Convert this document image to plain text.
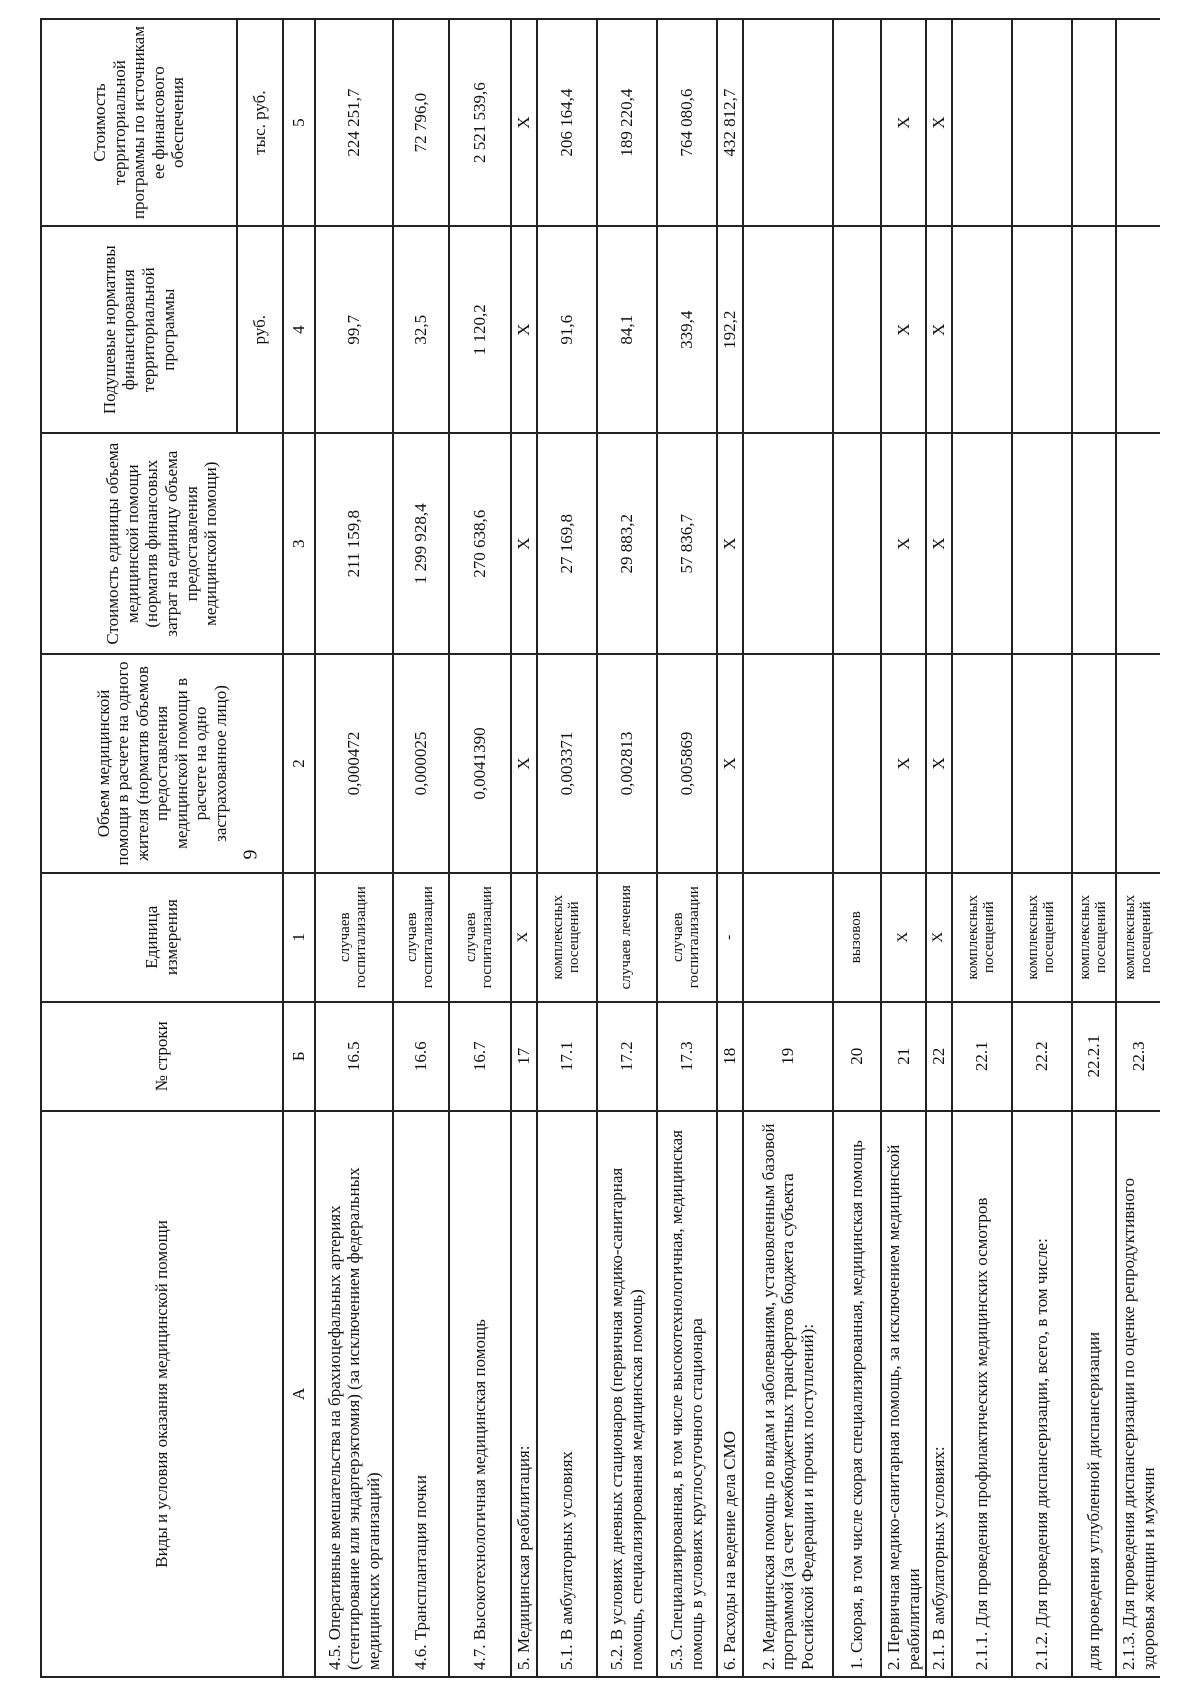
9
Виды и условия оказания медицинской помощи	№ строки	Единица измерения	Объем медицинской помощи в расчете на одного жителя (норматив объемов предоставления медицинской помощи в расчете на одно застрахованное лицо)	Стоимость единицы объема медицинской помощи (норматив финансовых затрат на единицу объема предоставления медицинской помощи)	Подушевые нормативы финансирования территориальной программы	Стоимость территориальной программы по источникам ее финансового обеспечения
					руб.	тыс. руб.
А	Б	1	2	3	4	5
4.5. Оперативные вмешательства на брахиоцефальных артериях (стентирование или эндартерэктомия) (за исключением федеральных медицинских организаций)	16.5	случаев госпитализации	0,000472	211 159,8	99,7	224 251,7
4.6. Трансплантация почки	16.6	случаев госпитализации	0,000025	1 299 928,4	32,5	72 796,0
4.7. Высокотехнологичная медицинская помощь	16.7	случаев госпитализации	0,0041390	270 638,6	1 120,2	2 521 539,6
5. Медицинская реабилитация:	17	X	X	X	X	X
5.1. В амбулаторных условиях	17.1	комплексных посещений	0,003371	27 169,8	91,6	206 164,4
5.2. В условиях дневных стационаров (первичная медико-санитарная помощь, специализированная медицинская помощь)	17.2	случаев лечения	0,002813	29 883,2	84,1	189 220,4
5.3. Специализированная, в том числе высокотехнологичная, медицинская помощь в условиях круглосуточного стационара	17.3	случаев госпитализации	0,005869	57 836,7	339,4	764 080,6
6. Расходы на ведение дела СМО	18	-	X	X	192,2	432 812,7
2. Медицинская помощь по видам и заболеваниям, установленным базовой программой (за счет межбюджетных трансфертов бюджета субъекта Российской Федерации и прочих поступлений):	19					
1. Скорая, в том числе скорая специализированная, медицинская помощь	20	вызовов				
2. Первичная медико-санитарная помощь, за исключением медицинской реабилитации	21	X	X	X	X	X
2.1. В амбулаторных условиях:	22	X	X	X	X	X
2.1.1. Для проведения профилактических медицинских осмотров	22.1	комплексных посещений				
2.1.2. Для проведения диспансеризации, всего, в том числе:	22.2	комплексных посещений				
для проведения углубленной диспансеризации	22.2.1	комплексных посещений				
2.1.3. Для проведения диспансеризации по оценке репродуктивного здоровья женщин и мужчин	22.3	комплексных посещений				
